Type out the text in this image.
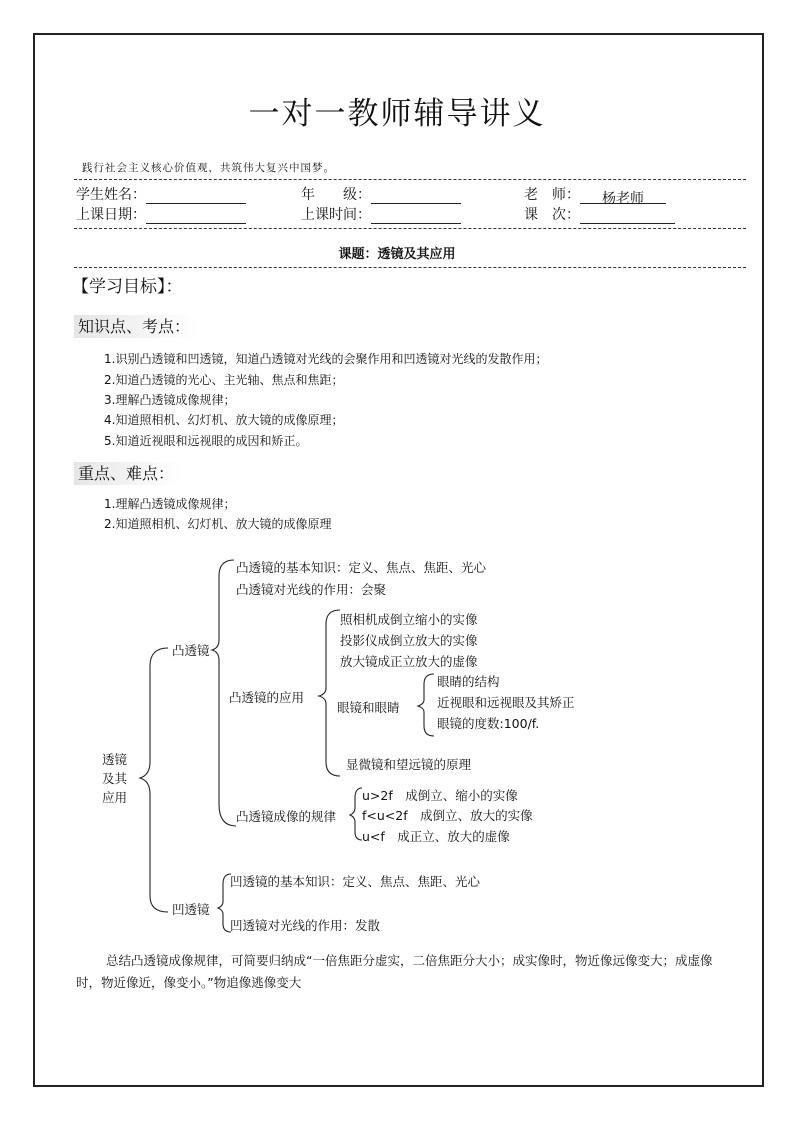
一对一教师辅导讲义
践行社会主义核心价值观，共筑伟大复兴中国梦。
学生姓名：	年　　级：	老　师： 杨老师
上课日期：	上课时间：	课　次：
课题：透镜及其应用
【学习目标】：
知识点、考点：
1.识别凸透镜和凹透镜，知道凸透镜对光线的会聚作用和凹透镜对光线的发散作用；
2.知道凸透镜的光心、主光轴、焦点和焦距；
3.理解凸透镜成像规律；
4.知道照相机、幻灯机、放大镜的成像原理；
5.知道近视眼和远视眼的成因和矫正。
重点、难点：
1.理解凸透镜成像规律；
2.知道照相机、幻灯机、放大镜的成像原理
透镜
及其
应用
凸透镜
凸透镜的基本知识：定义、焦点、焦距、光心
凸透镜对光线的作用：会聚
凸透镜的应用
照相机成倒立缩小的实像
投影仪成倒立放大的实像
放大镜成正立放大的虚像
眼镜和眼睛
眼睛的结构
近视眼和远视眼及其矫正
眼镜的度数:100/f.
显微镜和望远镜的原理
凸透镜成像的规律
u>2f　成倒立、缩小的实像
f<u<2f　成倒立、放大的实像
u<f　成正立、放大的虚像
凹透镜
凹透镜的基本知识：定义、焦点、焦距、光心
凹透镜对光线的作用：发散
总结凸透镜成像规律，可简要归纳成“一倍焦距分虚实，二倍焦距分大小；成实像时，物近像远像变大；成虚像时，物近像近，像变小。”物追像逃像变大
